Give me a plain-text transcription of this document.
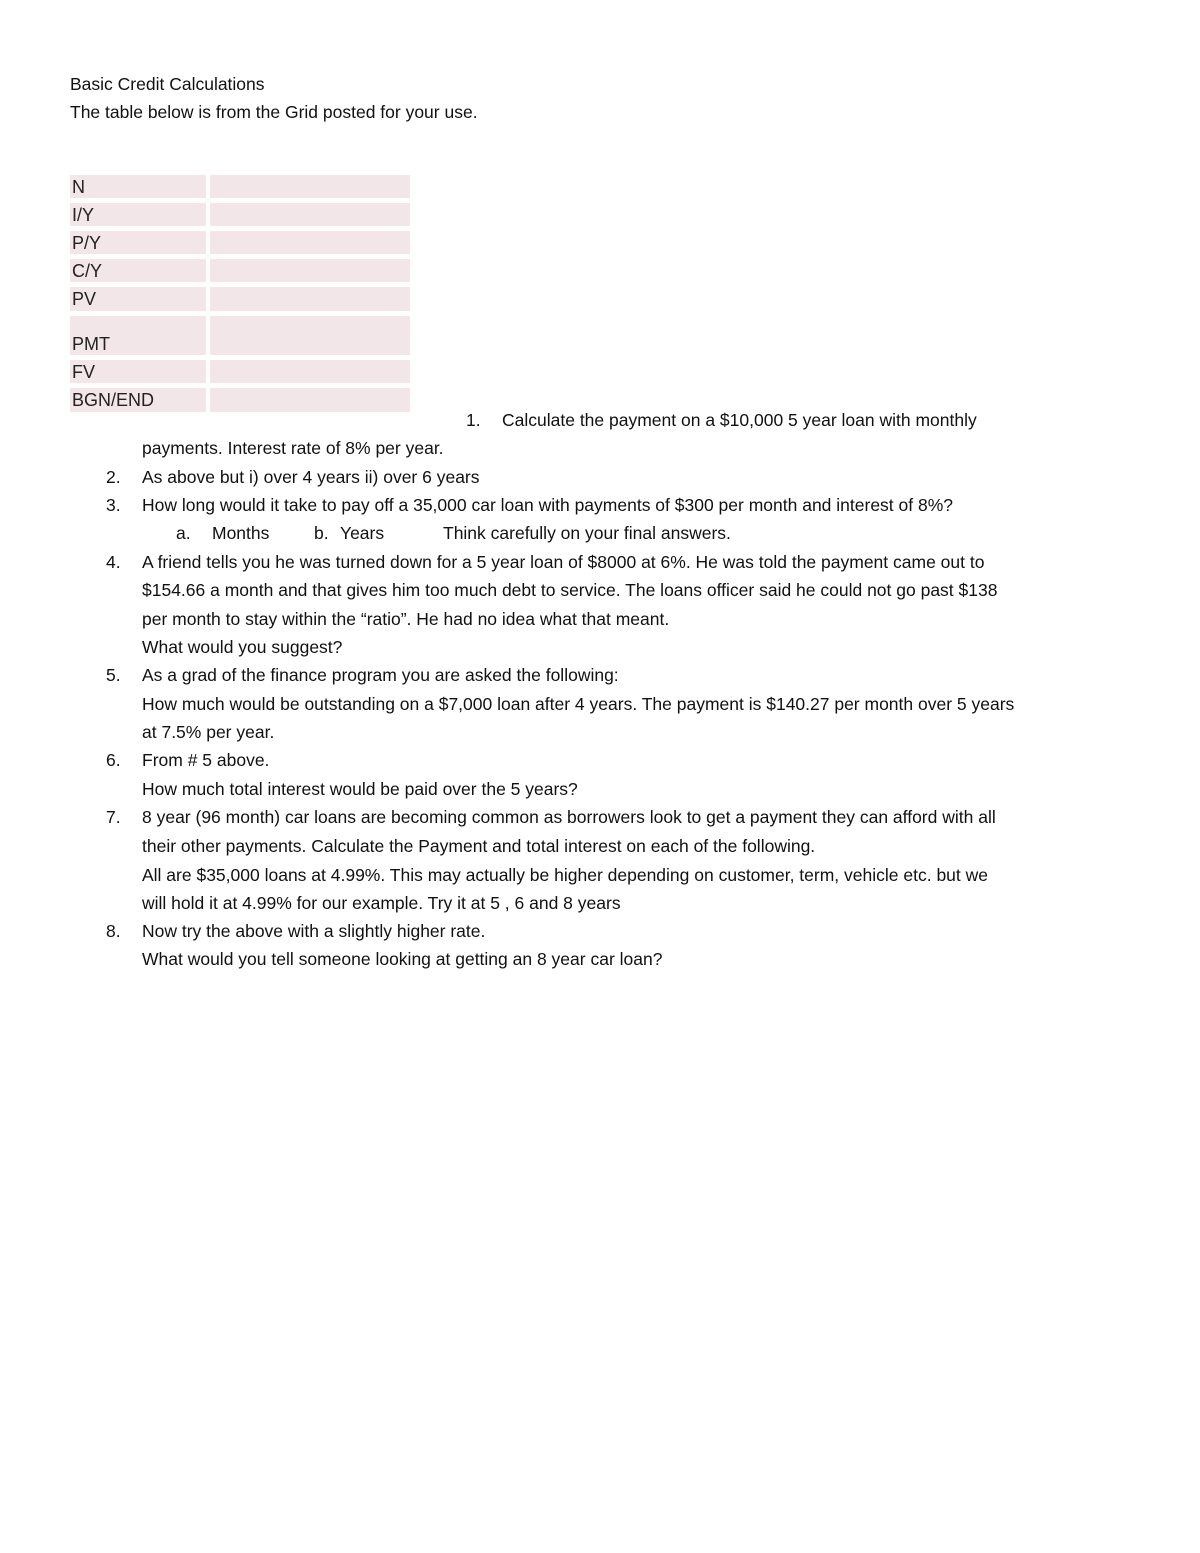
Basic Credit Calculations
The table below is from the Grid posted for your use.
N
I/Y
P/Y
C/Y
PV
PMT
FV
BGN/END
1. Calculate the payment on a $10,000 5 year loan with monthly
payments. Interest rate of 8% per year.
2. As above but i) over 4 years ii) over 6 years
3. How long would it take to pay off a 35,000 car loan with payments of $300 per month and interest of 8%?
a. Months	b. Years	Think carefully on your final answers.
4. A friend tells you he was turned down for a 5 year loan of $8000 at 6%. He was told the payment came out to
$154.66 a month and that gives him too much debt to service. The loans officer said he could not go past $138
per month to stay within the “ratio”. He had no idea what that meant.
What would you suggest?
5. As a grad of the finance program you are asked the following:
How much would be outstanding on a $7,000 loan after 4 years. The payment is $140.27 per month over 5 years
at 7.5% per year.
6. From # 5 above.
How much total interest would be paid over the 5 years?
7. 8 year (96 month) car loans are becoming common as borrowers look to get a payment they can afford with all
their other payments. Calculate the Payment and total interest on each of the following.
All are $35,000 loans at 4.99%. This may actually be higher depending on customer, term, vehicle etc. but we
will hold it at 4.99% for our example. Try it at 5 , 6 and 8 years
8. Now try the above with a slightly higher rate.
What would you tell someone looking at getting an 8 year car loan?
